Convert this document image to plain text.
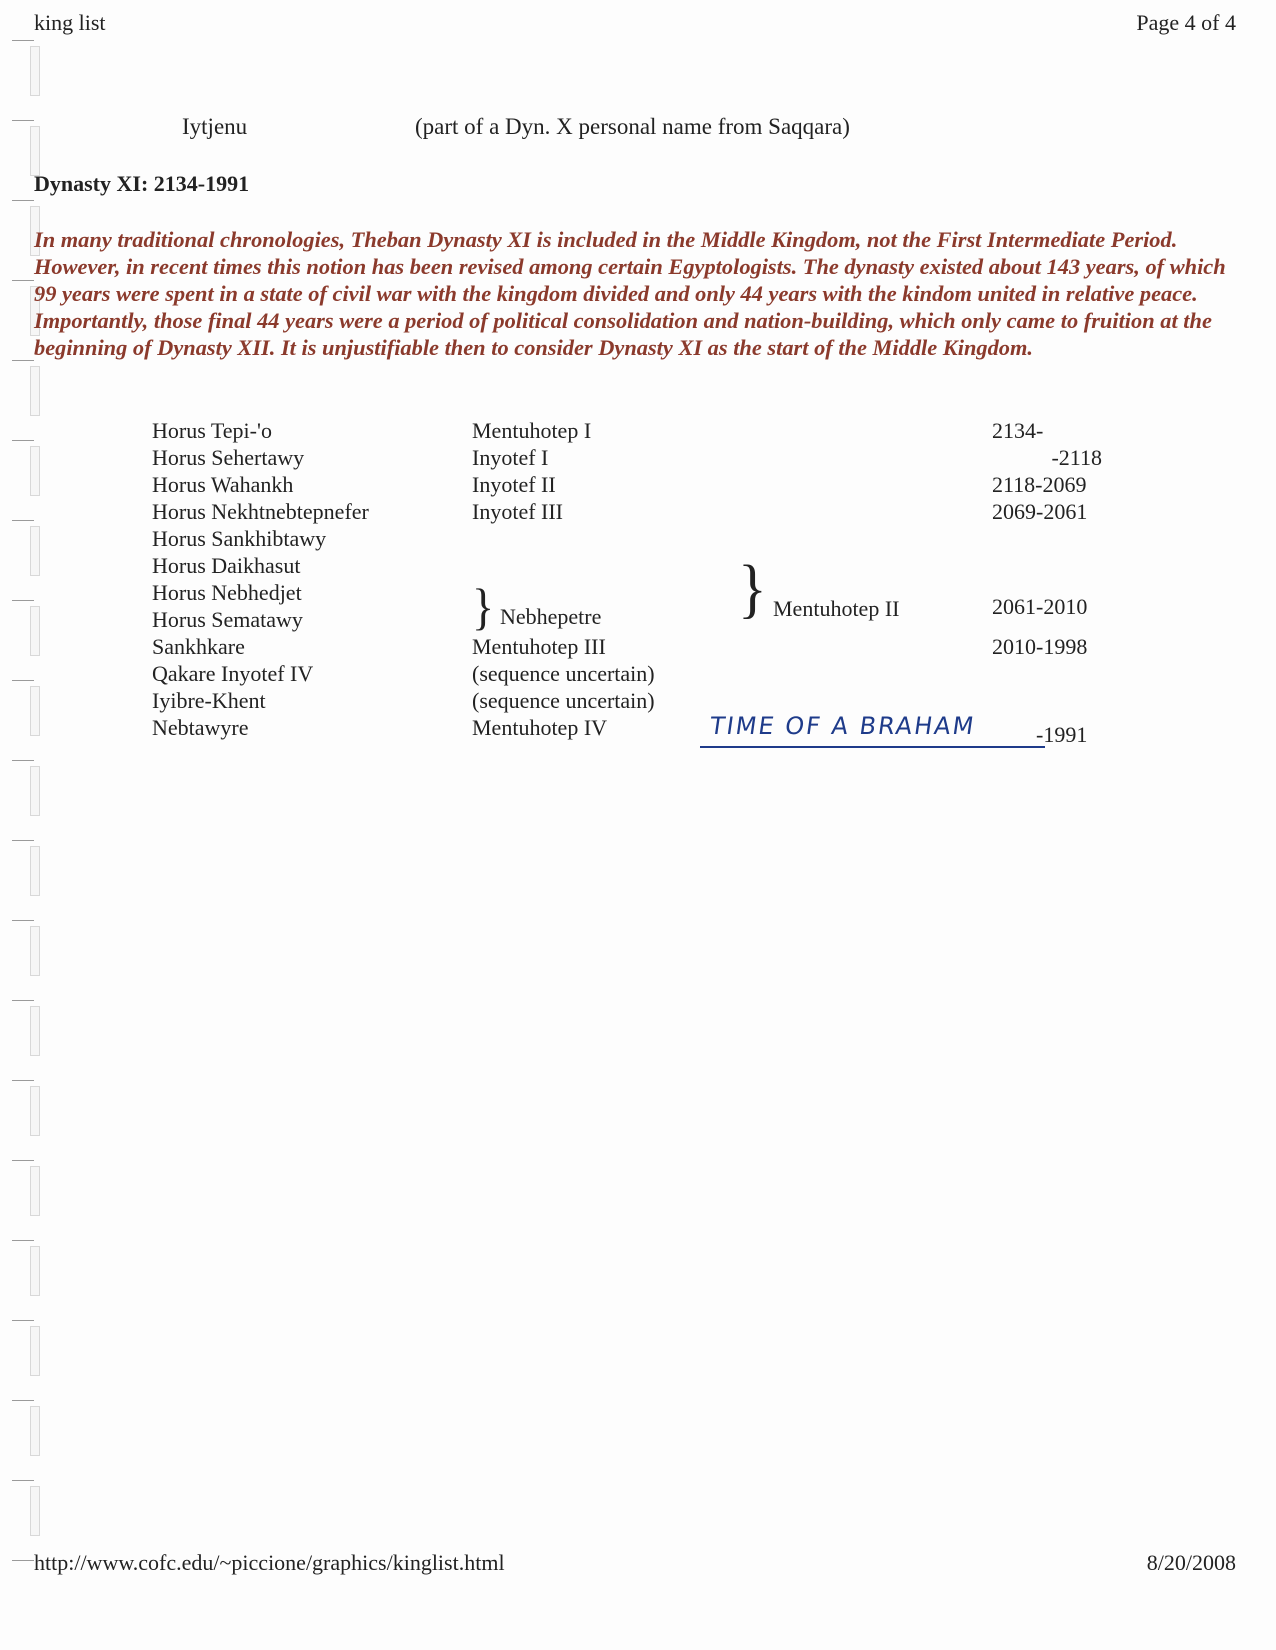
king list	Page 4 of 4
Iytjenu	(part of a Dyn. X personal name from Saqqara)
Dynasty XI: 2134-1991

In many traditional chronologies, Theban Dynasty XI is included in the Middle Kingdom, not the First Intermediate Period. However, in recent times this notion has been revised among certain Egyptologists. The dynasty existed about 143 years, of which 99 years were spent in a state of civil war with the kingdom divided and only 44 years with the kindom united in relative peace. Importantly, those final 44 years were a period of political consolidation and nation-building, which only came to fruition at the beginning of Dynasty XII. It is unjustifiable then to consider Dynasty XI as the start of the Middle Kingdom.

Horus Tepi-'o	Mentuhotep I	2134-
Horus Sehertawy	Inyotef I	-2118
Horus Wahankh	Inyotef II	2118-2069
Horus Nekhtnebtepnefer	Inyotef III	2069-2061
Horus Sankhibtawy
Horus Daikhasut
Horus Nebhedjet
Horus Sematawy	} Nebhepetre } Mentuhotep II	2061-2010
Sankhkare	Mentuhotep III	2010-1998
Qakare Inyotef IV	(sequence uncertain)
Iyibre-Khent	(sequence uncertain)
Nebtawyre	Mentuhotep IV	TIME OF A BRAHAM	-1991
http://www.cofc.edu/~piccione/graphics/kinglist.html	8/20/2008
